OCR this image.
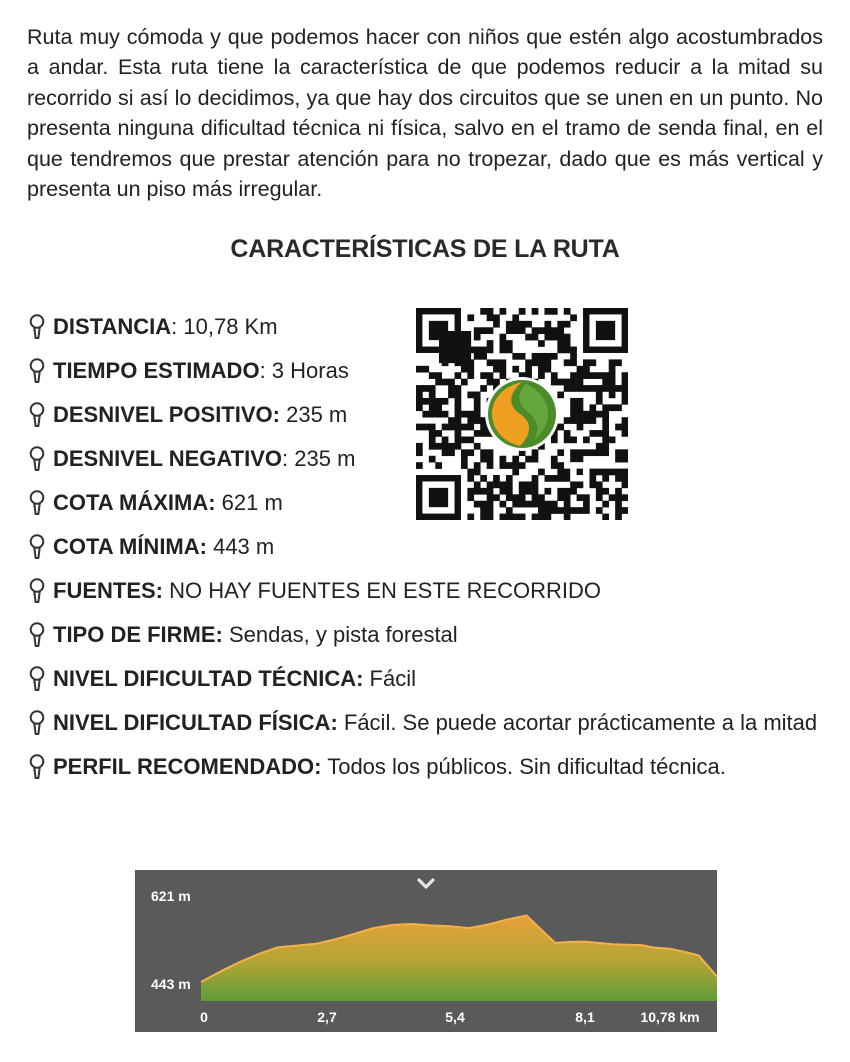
Ruta muy cómoda y que podemos hacer con niños que estén algo acostumbrados a andar. Esta ruta tiene la característica de que podemos reducir a la mitad su recorrido si así lo decidimos, ya que hay dos circuitos que se unen en un punto. No presenta ninguna dificultad técnica ni física, salvo en el tramo de senda final, en el que tendremos que prestar atención para no tropezar, dado que es más vertical y presenta un piso más irregular.

CARACTERÍSTICAS DE LA RUTA
DISTANCIA: 10,78 Km
TIEMPO ESTIMADO: 3 Horas
DESNIVEL POSITIVO: 235 m
DESNIVEL NEGATIVO: 235 m
COTA MÁXIMA: 621 m
COTA MÍNIMA: 443 m
FUENTES: NO HAY FUENTES EN ESTE RECORRIDO
TIPO DE FIRME: Sendas, y pista forestal
NIVEL DIFICULTAD TÉCNICA: Fácil
NIVEL DIFICULTAD FÍSICA: Fácil. Se puede acortar prácticamente a la mitad
PERFIL RECOMENDADO: Todos los públicos. Sin dificultad técnica.
621 m
443 m
0	2,7	5,4	8,1	10,78 km
